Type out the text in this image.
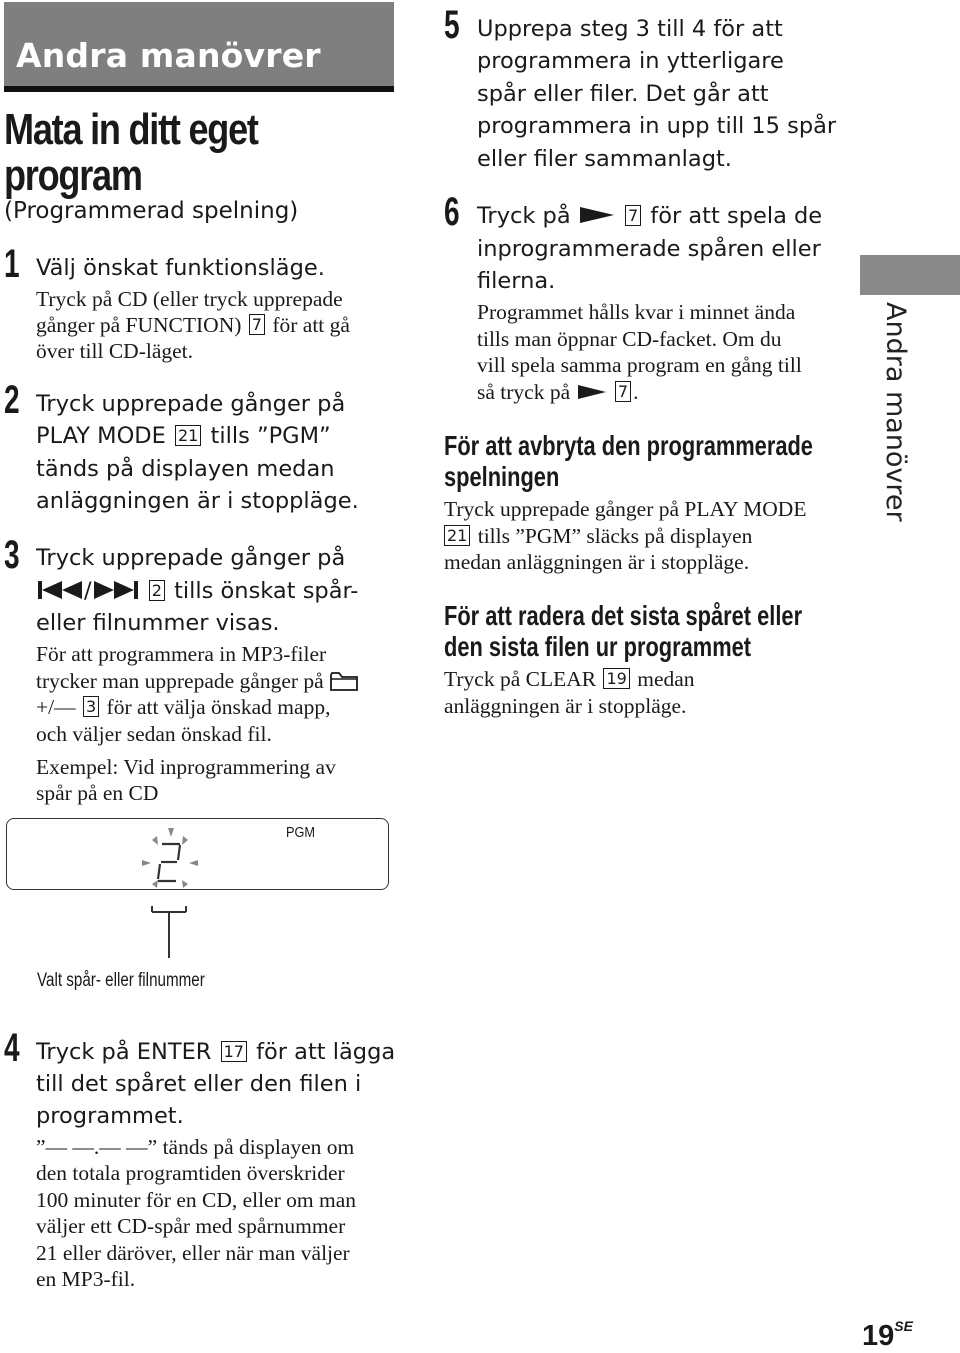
Andra manövrer
Mata in ditt eget
program
(Programmerad spelning)
1 Välj önskat funktionsläge.
Tryck på CD (eller tryck upprepade
gånger på FUNCTION) 7 för att gå
över till CD-läget.
2 Tryck upprepade gånger på
PLAY MODE 21 tills ”PGM”
tänds på displayen medan
anläggningen är i stoppläge.
3 Tryck upprepade gånger på
/	2 tills önskat spår-
eller filnummer visas.
För att programmera in MP3-filer
trycker man upprepade gånger på
+/— 3 för att välja önskad mapp,
och väljer sedan önskad fil.
Exempel: Vid inprogrammering av
spår på en CD
PGM
Valt spår- eller filnummer
4 Tryck på ENTER 17 för att lägga
till det spåret eller den filen i
programmet.
”— —.— —” tänds på displayen om
den totala programtiden överskrider
100 minuter för en CD, eller om man
väljer ett CD-spår med spårnummer
21 eller däröver, eller när man väljer
en MP3-fil.
5 Upprepa steg 3 till 4 för att
programmera in ytterligare
spår eller filer. Det går att
programmera in upp till 15 spår
eller filer sammanlagt.
6 Tryck på	7 för att spela de
inprogrammerade spåren eller
filerna.
Programmet hålls kvar i minnet ända
tills man öppnar CD-facket. Om du
vill spela samma program en gång till
så tryck på	7 .
För att avbryta den programmerade
spelningen
Tryck upprepade gånger på PLAY MODE
21 tills ”PGM” släcks på displayen
medan anläggningen är i stoppläge.
För att radera det sista spåret eller
den sista filen ur programmet
Tryck på CLEAR 19 medan
anläggningen är i stoppläge.
Andra manövrer
$19^{SE}$
